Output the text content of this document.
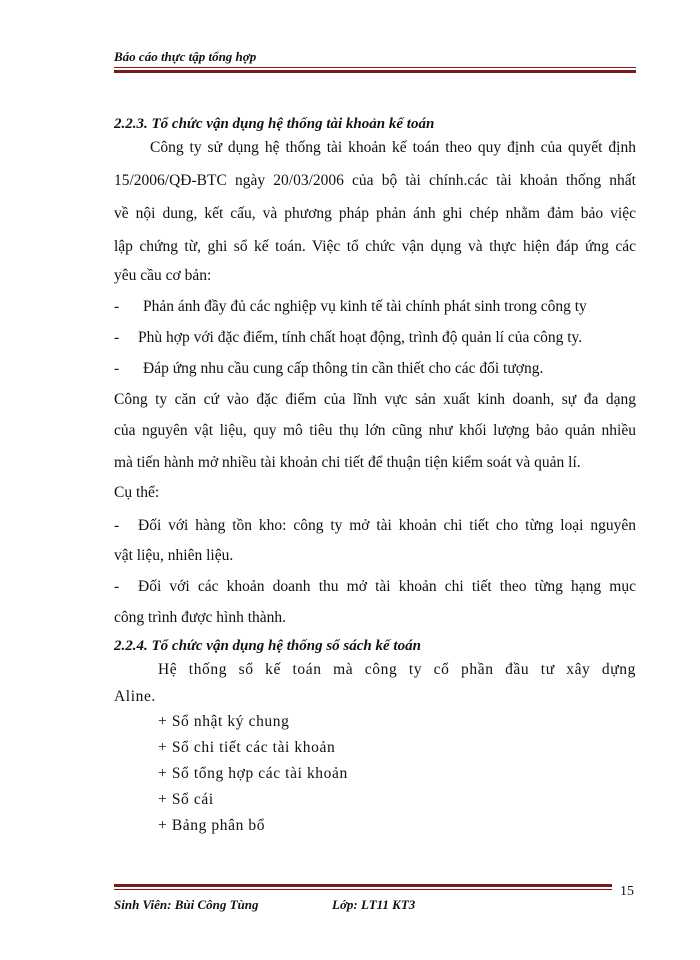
Báo cáo thực tập tổng hợp
2.2.3. Tổ chức vận dụng hệ thống tài khoản kế toán
Công ty sử dụng hệ thống tài khoản kế toán theo quy định của quyết định
15/2006/QĐ-BTC ngày 20/03/2006 của bộ tài chính.các tài khoản thống nhất
về nội dung, kết cấu, và phương pháp phản ánh ghi chép nhằm đảm bảo việc
lập chứng từ, ghi sổ kế toán. Việc tổ chức vận dụng và thực hiện đáp ứng các
yêu cầu cơ bản:
- Phản ánh đầy đủ các nghiệp vụ kinh tế tài chính phát sinh trong công ty
- Phù hợp với đặc điểm, tính chất hoạt động, trình độ quản lí của công ty.
- Đáp ứng nhu cầu cung cấp thông tin cần thiết cho các đối tượng.
Công ty căn cứ vào đặc điểm của lĩnh vực sản xuất kinh doanh, sự đa dạng
của nguyên vật liệu, quy mô tiêu thụ lớn cũng như khối lượng bảo quản nhiều
mà tiến hành mở nhiều tài khoản chi tiết để thuận tiện kiểm soát và quản lí.
Cụ thể:
- Đối với hàng tồn kho: công ty mở tài khoản chi tiết cho từng loại nguyên
vật liệu, nhiên liệu.
- Đối với các khoản doanh thu mở tài khoản chi tiết theo từng hạng mục
công trình được hình thành.
2.2.4. Tổ chức vận dụng hệ thống sổ sách kế toán
Hệ thống sổ kế toán mà công ty cổ phần đầu tư xây dựng
Aline.
+ Sổ nhật ký chung
+ Sổ chi tiết các tài khoản
+ Sổ tổng hợp các tài khoản
+ Sổ cái
+ Bảng phân bổ
15
Sinh Viên: Bùi Công Tùng	Lớp: LT11 KT3
